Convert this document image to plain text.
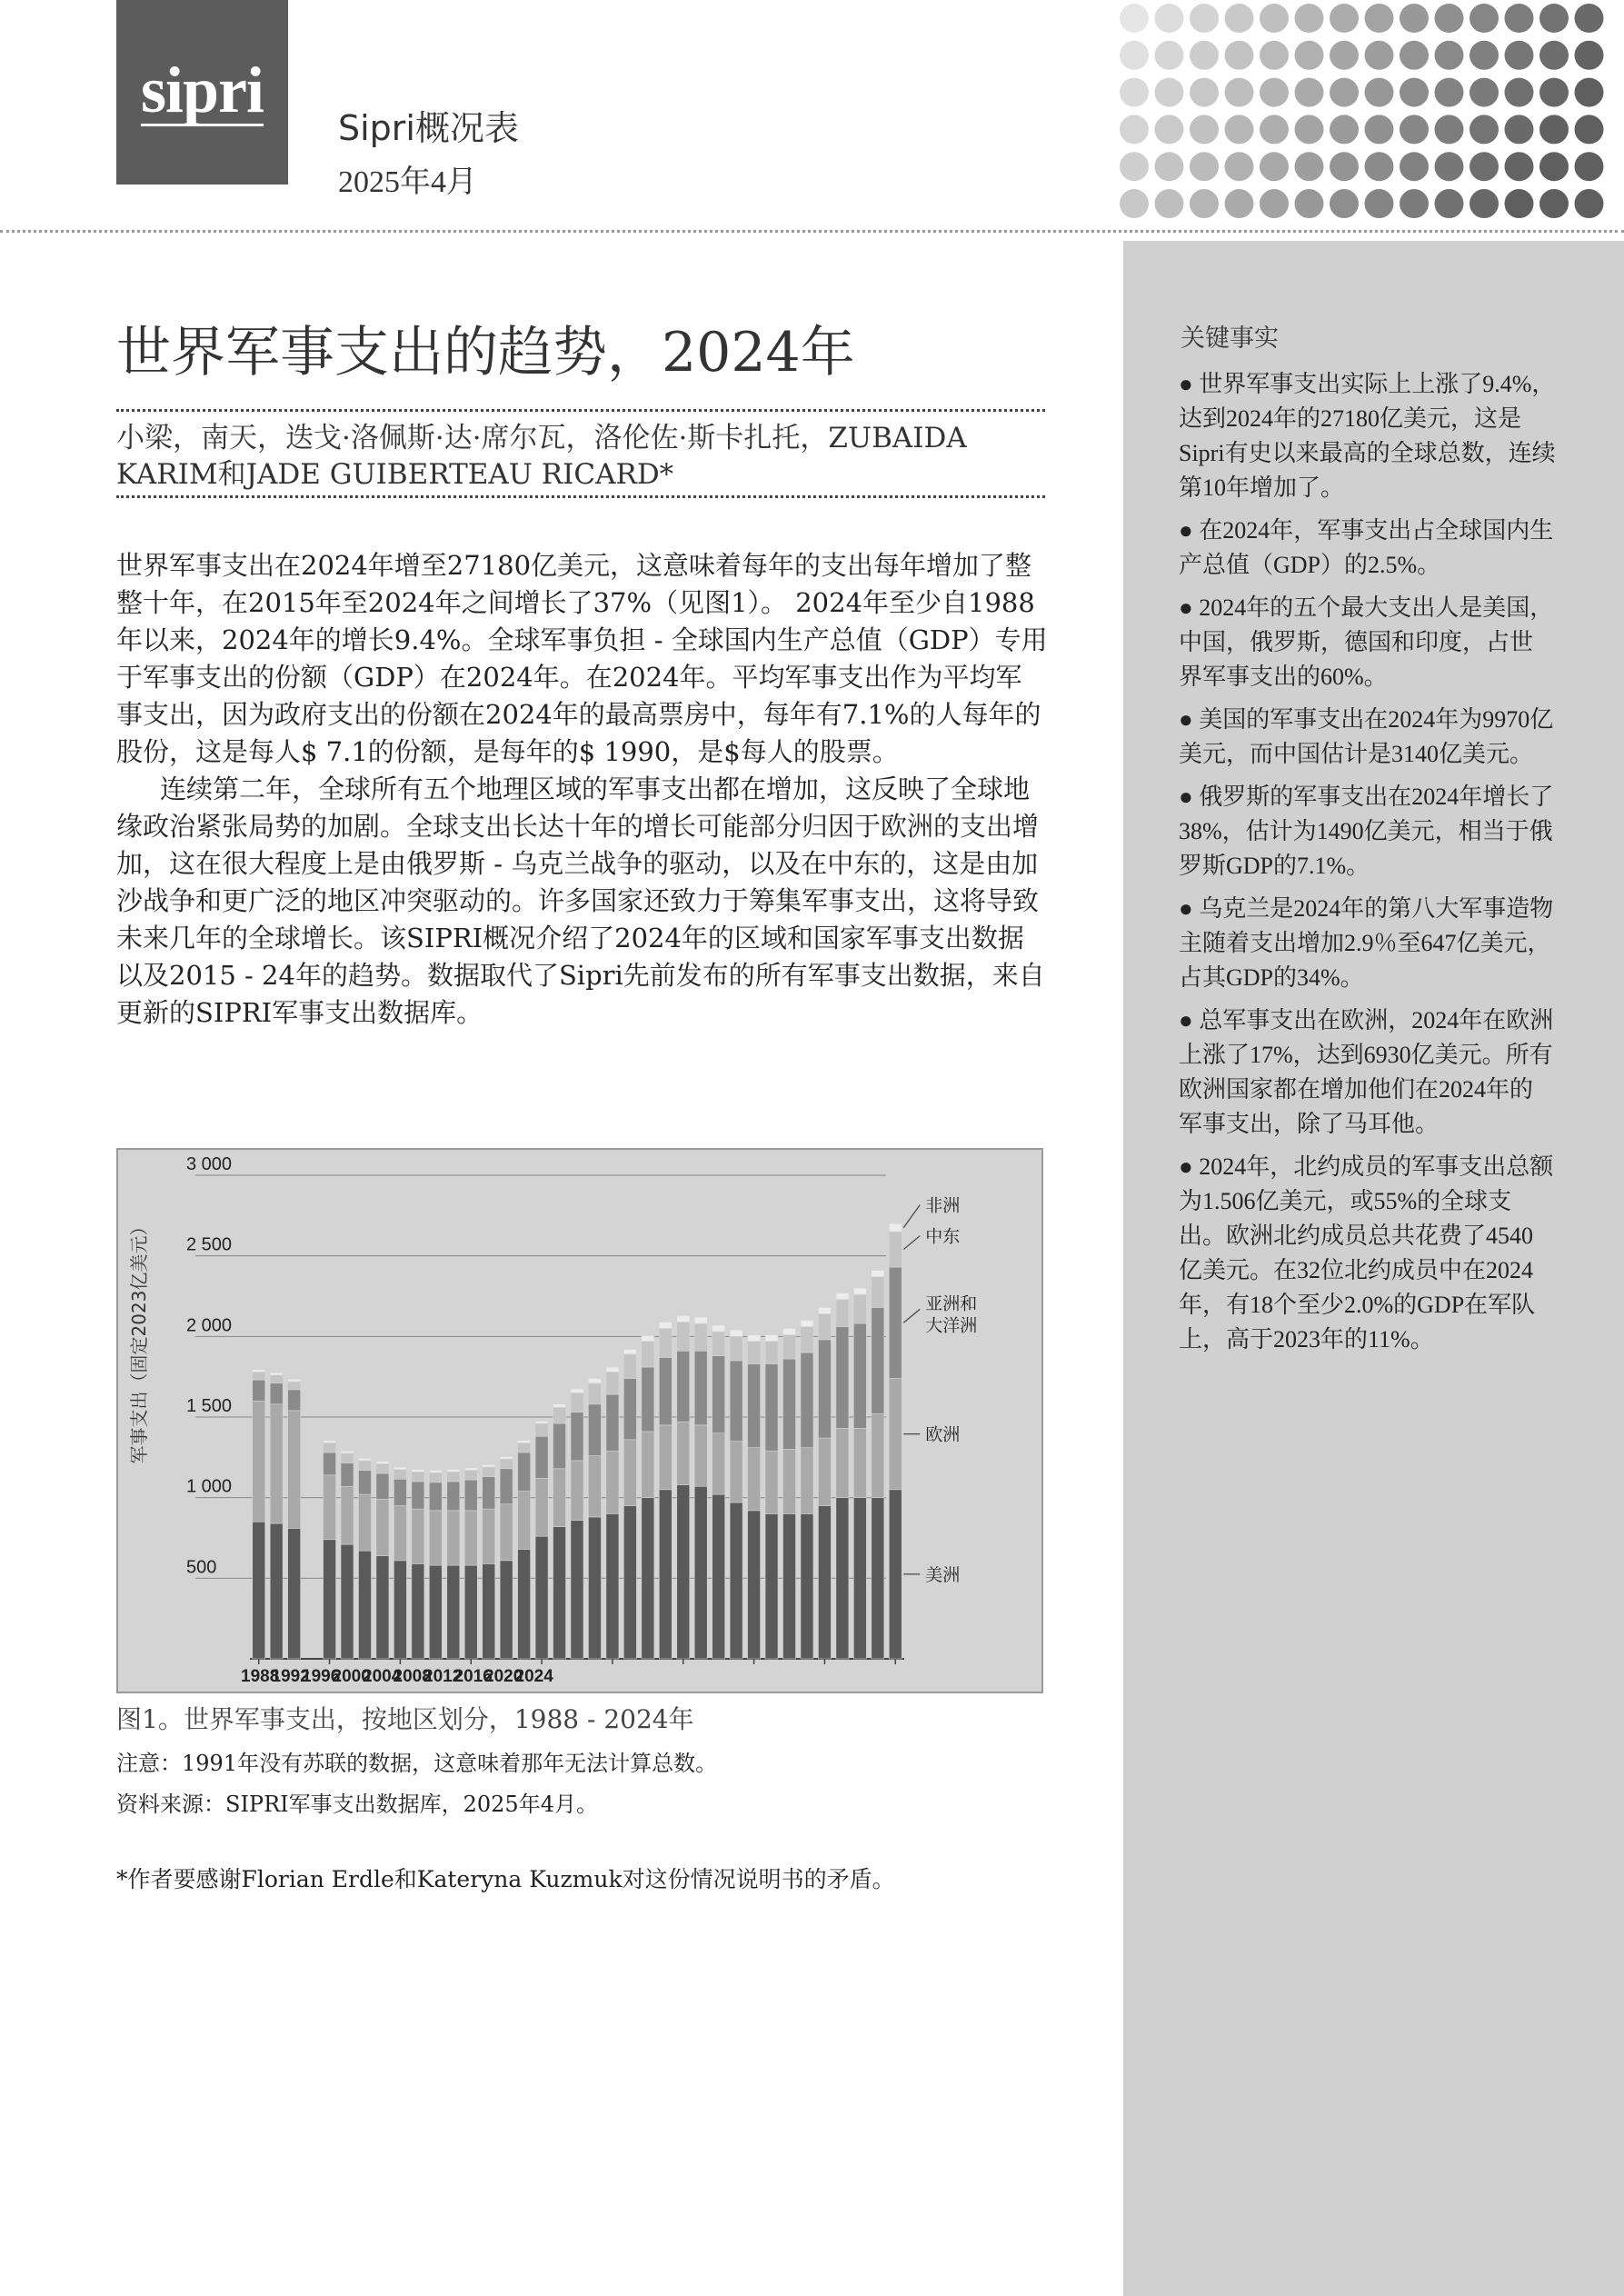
sipri
Sipri概况表
2025年4月
关键事实
● 世界军事支出实际上上涨了9.4%，达到2024年的27180亿美元，这是Sipri有史以来最高的全球总数，连续第10年增加了。
● 在2024年，军事支出占全球国内生产总值（GDP）的2.5%。
● 2024年的五个最大支出人是美国，中国，俄罗斯，德国和印度，占世界军事支出的60%。
● 美国的军事支出在2024年为9970亿美元，而中国估计是3140亿美元。
● 俄罗斯的军事支出在2024年增长了38%，估计为1490亿美元，相当于俄罗斯GDP的7.1%。
● 乌克兰是2024年的第八大军事造物主随着支出增加2.9％至647亿美元，占其GDP的34%。
● 总军事支出在欧洲，2024年在欧洲上涨了17%，达到6930亿美元。所有欧洲国家都在增加他们在2024年的军事支出，除了马耳他。
● 2024年，北约成员的军事支出总额为1.506亿美元，或55%的全球支出。欧洲北约成员总共花费了4540亿美元。在32位北约成员中在2024年，有18个至少2.0%的GDP在军队上，高于2023年的11%。
世界军事支出的趋势，2024年
小梁，南天，迭戈·洛佩斯·达·席尔瓦，洛伦佐·斯卡扎托，ZUBAIDA KARIM和JADE GUIBERTEAU RICARD*

世界军事支出在2024年增至27180亿美元，这意味着每年的支出每年增加了整整十年，在2015年至2024年之间增长了37%（见图1）。 2024年至少自1988年以来，2024年的增长9.4%。全球军事负担 - 全球国内生产总值（GDP）专用于军事支出的份额（GDP）在2024年。在2024年。平均军事支出作为平均军事支出，因为政府支出的份额在2024年的最高票房中，每年有7.1%的人每年的股份，这是每人$ 7.1的份额，是每年的$ 1990，是$每人的股票。

连续第二年，全球所有五个地理区域的军事支出都在增加，这反映了全球地缘政治紧张局势的加剧。全球支出长达十年的增长可能部分归因于欧洲的支出增加，这在很大程度上是由俄罗斯 - 乌克兰战争的驱动，以及在中东的，这是由加沙战争和更广泛的地区冲突驱动的。许多国家还致力于筹集军事支出，这将导致未来几年的全球增长。该SIPRI概况介绍了2024年的区域和国家军事支出数据以及2015 - 24年的趋势。数据取代了Sipri先前发布的所有军事支出数据，来自更新的SIPRI军事支出数据库。

500
1 000
1 500
2 000
2 500
3 000
军事支出（固定2023亿美元）
1988
1992
1996
2000
2004
2008
2012
2016
2020
2024
美洲
欧洲
亚洲和
大洋洲
中东
非洲
图1。世界军事支出，按地区划分，1988 - 2024年
注意：1991年没有苏联的数据，这意味着那年无法计算总数。
资料来源：SIPRI军事支出数据库，2025年4月。
*作者要感谢Florian Erdle和Kateryna Kuzmuk对这份情况说明书的矛盾。
